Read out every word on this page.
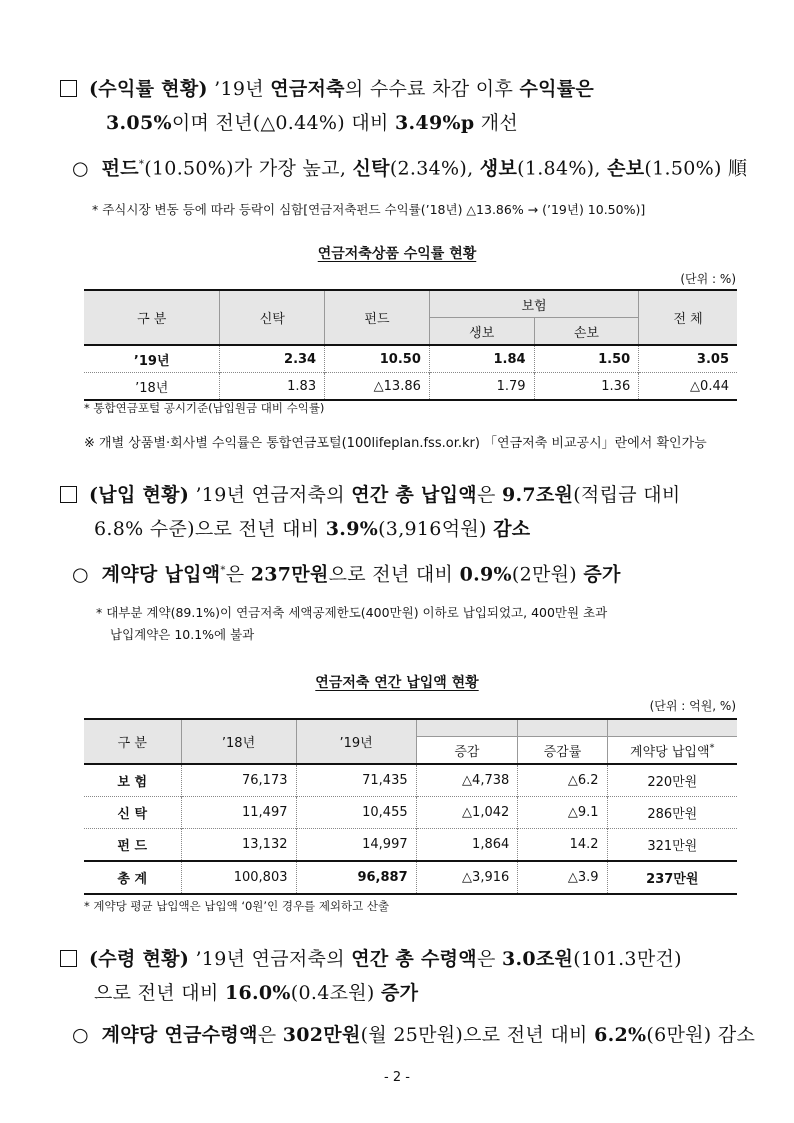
(수익률 현황) ’19년 연금저축의 수수료 차감 이후 수익률은
3.05%이며 전년(△0.44%) 대비 3.49%p 개선
○ 펀드*(10.50%)가 가장 높고, 신탁(2.34%), 생보(1.84%), 손보(1.50%) 順
* 주식시장 변동 등에 따라 등락이 심함[연금저축펀드 수익률(’18년) △13.86% → (’19년) 10.50%)]
연금저축상품 수익률 현황
(단위 : %)
구 분	신탁	펀드	보험		전 체
			생보	손보	
’19년	2.34	10.50	1.84	1.50	3.05
’18년	1.83	△13.86	1.79	1.36	△0.44
* 통합연금포털 공시기준(납입원금 대비 수익률)
※ 개별 상품별·회사별 수익률은 통합연금포털(100lifeplan.fss.or.kr) 「연금저축 비교공시」란에서 확인가능
(납입 현황) ’19년 연금저축의 연간 총 납입액은 9.7조원(적립금 대비
6.8% 수준)으로 전년 대비 3.9%(3,916억원) 감소
○ 계약당 납입액*은 237만원으로 전년 대비 0.9%(2만원) 증가
* 대부분 계약(89.1%)이 연금저축 세액공제한도(400만원) 이하로 납입되었고, 400만원 초과
납입계약은 10.1%에 불과
연금저축 연간 납입액 현황
(단위 : 억원, %)
구 분	’18년	’19년			
			증감	증감률	계약당 납입액*
보 험	76,173	71,435	△4,738	△6.2	220만원
신 탁	11,497	10,455	△1,042	△9.1	286만원
펀 드	13,132	14,997	1,864	14.2	321만원
총 계	100,803	96,887	△3,916	△3.9	237만원
* 계약당 평균 납입액은 납입액 ‘0원’인 경우를 제외하고 산출
(수령 현황) ’19년 연금저축의 연간 총 수령액은 3.0조원(101.3만건)
으로 전년 대비 16.0%(0.4조원) 증가
○ 계약당 연금수령액은 302만원(월 25만원)으로 전년 대비 6.2%(6만원) 감소
- 2 -
